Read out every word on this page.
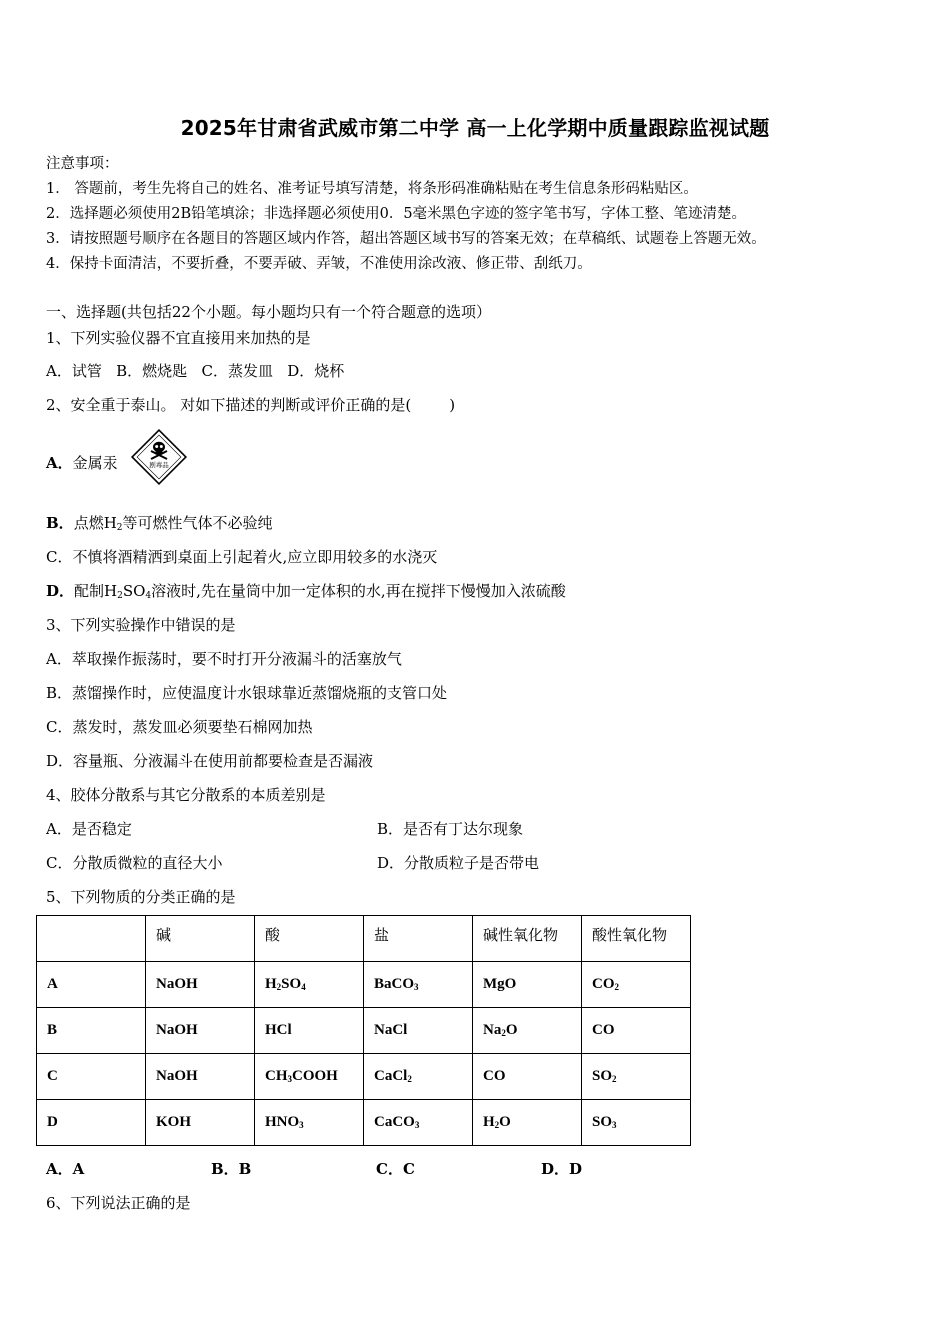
2025年甘肃省武威市第二中学 高一上化学期中质量跟踪监视试题
注意事项：
1． 答题前，考生先将自己的姓名、准考证号填写清楚，将条形码准确粘贴在考生信息条形码粘贴区。
2．选择题必须使用2B铅笔填涂；非选择题必须使用0．5毫米黑色字迹的签字笔书写，字体工整、笔迹清楚。
3．请按照题号顺序在各题目的答题区域内作答，超出答题区域书写的答案无效；在草稿纸、试题卷上答题无效。
4．保持卡面清洁，不要折叠，不要弄破、弄皱，不准使用涂改液、修正带、刮纸刀。
一、选择题(共包括22个小题。每小题均只有一个符合题意的选项）
1、下列实验仪器不宜直接用来加热的是
A．试管   B．燃烧匙   C．蒸发皿   D．烧杯
2、安全重于泰山。 对如下描述的判断或评价正确的是(        )
A．金属汞	剧毒品
B．点燃$H_2$等可燃性气体不必验纯
C．不慎将酒精洒到桌面上引起着火,应立即用较多的水浇灭
D．配制$H_2SO_4$溶液时,先在量筒中加一定体积的水,再在搅拌下慢慢加入浓硫酸
3、下列实验操作中错误的是
A．萃取操作振荡时，要不时打开分液漏斗的活塞放气
B．蒸馏操作时，应使温度计水银球靠近蒸馏烧瓶的支管口处
C．蒸发时，蒸发皿必须要垫石棉网加热
D．容量瓶、分液漏斗在使用前都要检查是否漏液
4、胶体分散系与其它分散系的本质差别是
A．是否稳定	B．是否有丁达尔现象
C．分散质微粒的直径大小	D．分散质粒子是否带电
5、下列物质的分类正确的是
	碱	酸	盐	碱性氧化物	酸性氧化物
A	NaOH	$H_2SO_4$	BaCO$_3$	MgO	$CO_2$
B	NaOH	HCl	NaCl	$Na_2O$	CO
C	NaOH	$CH_3COOH$	CaCl$_2$	CO	$SO_2$
D	KOH	$HNO_3$	CaCO$_3$	$H_2O$	$SO_3$
A．A	B．B	C．C	D．D
6、下列说法正确的是
